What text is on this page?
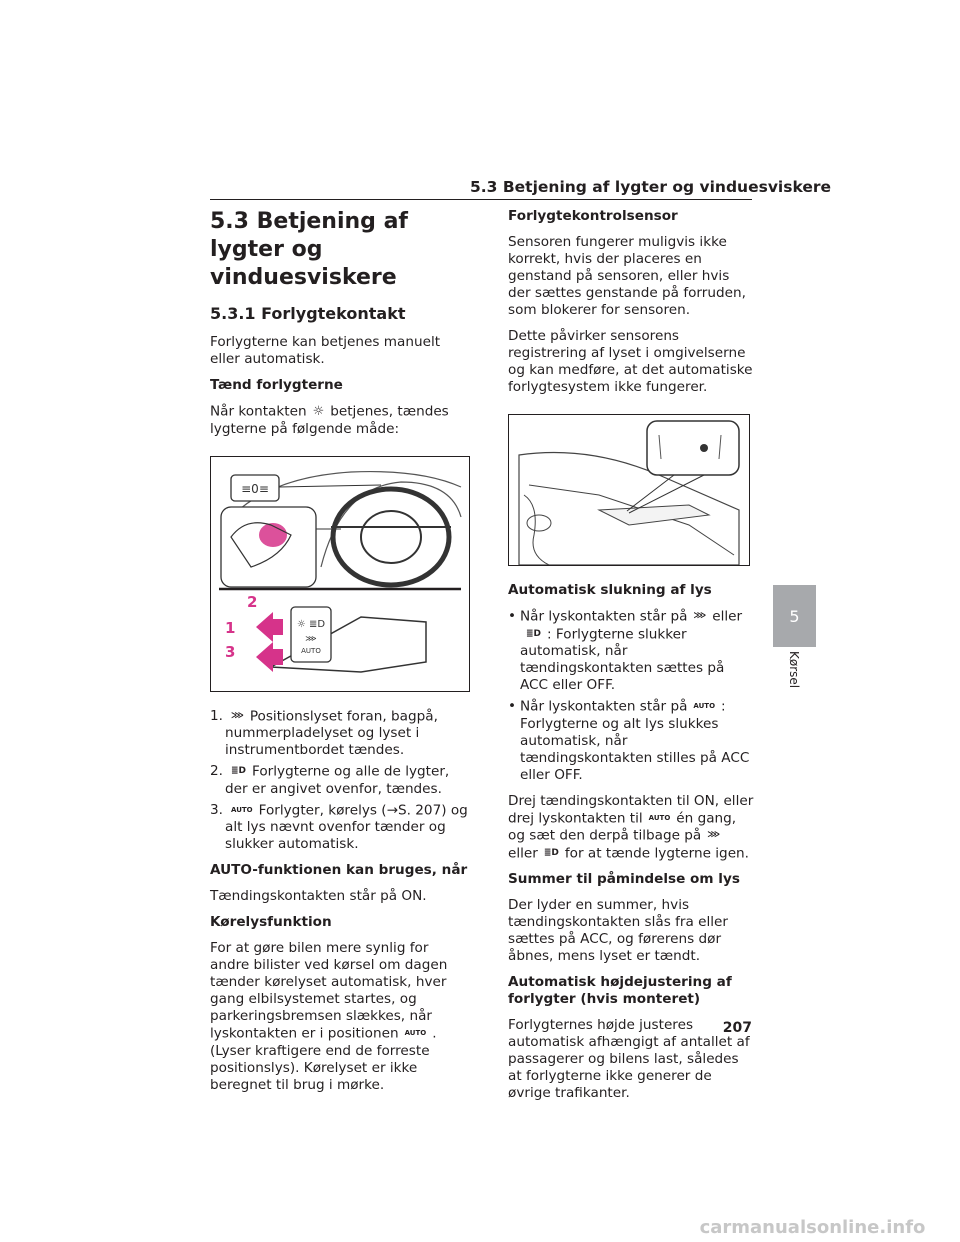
5.3 Betjening af lygter og vinduesviskere
5.3 Betjening af lygter og vinduesviskere
5.3.1 Forlygtekontakt

Forlygterne kan betjenes manuelt eller automatisk.

Tænd forlygterne

Når kontakten ☼ betjenes, tændes lygterne på følgende måde:

≡0≡
☼ ≣D
⋙
AUTO
2
1
3
1. ⋙ Positionslyset foran, bagpå, nummerpladelyset og lyset i instrumentbordet tændes.
2. ≣D Forlygterne og alle de lygter, der er angivet ovenfor, tændes.
3. AUTO Forlygter, kørelys (→S. 207) og alt lys nævnt ovenfor tænder og slukker automatisk.

AUTO-funktionen kan bruges, når

Tændingskontakten står på ON.

Kørelysfunktion

For at gøre bilen mere synlig for andre bilister ved kørsel om dagen tænder kørelyset automatisk, hver gang elbilsystemet startes, og parkeringsbremsen slækkes, når lyskontakten er i positionen AUTO . (Lyser kraftigere end de forreste positionslys). Kørelyset er ikke beregnet til brug i mørke.

Forlygtekontrolsensor

Sensoren fungerer muligvis ikke korrekt, hvis der placeres en genstand på sensoren, eller hvis der sættes genstande på forruden, som blokerer for sensoren.

Dette påvirker sensorens registrering af lyset i omgivelserne og kan medføre, at det automatiske forlygtesystem ikke fungerer.

Automatisk slukning af lys

• Når lyskontakten står på ⋙ eller≣D : Forlygterne slukker automatisk, når tændingskontakten sættes på ACC eller OFF.
• Når lyskontakten står på AUTO : Forlygterne og alt lys slukkes automatisk, når tændingskontakten stilles på ACC eller OFF.

Drej tændingskontakten til ON, eller drej lyskontakten til AUTO én gang, og sæt den derpå tilbage på ⋙eller ≣D for at tænde lygterne igen.

Summer til påmindelse om lys

Der lyder en summer, hvis tændingskontakten slås fra eller sættes på ACC, og førerens dør åbnes, mens lyset er tændt.

Automatisk højdejustering af forlygter (hvis monteret)

Forlygternes højde justeres automatisk afhængigt af antallet af passagerer og bilens last, således at forlygterne ikke generer de øvrige trafikanter.

5
Kørsel
207
carmanualsonline.info
